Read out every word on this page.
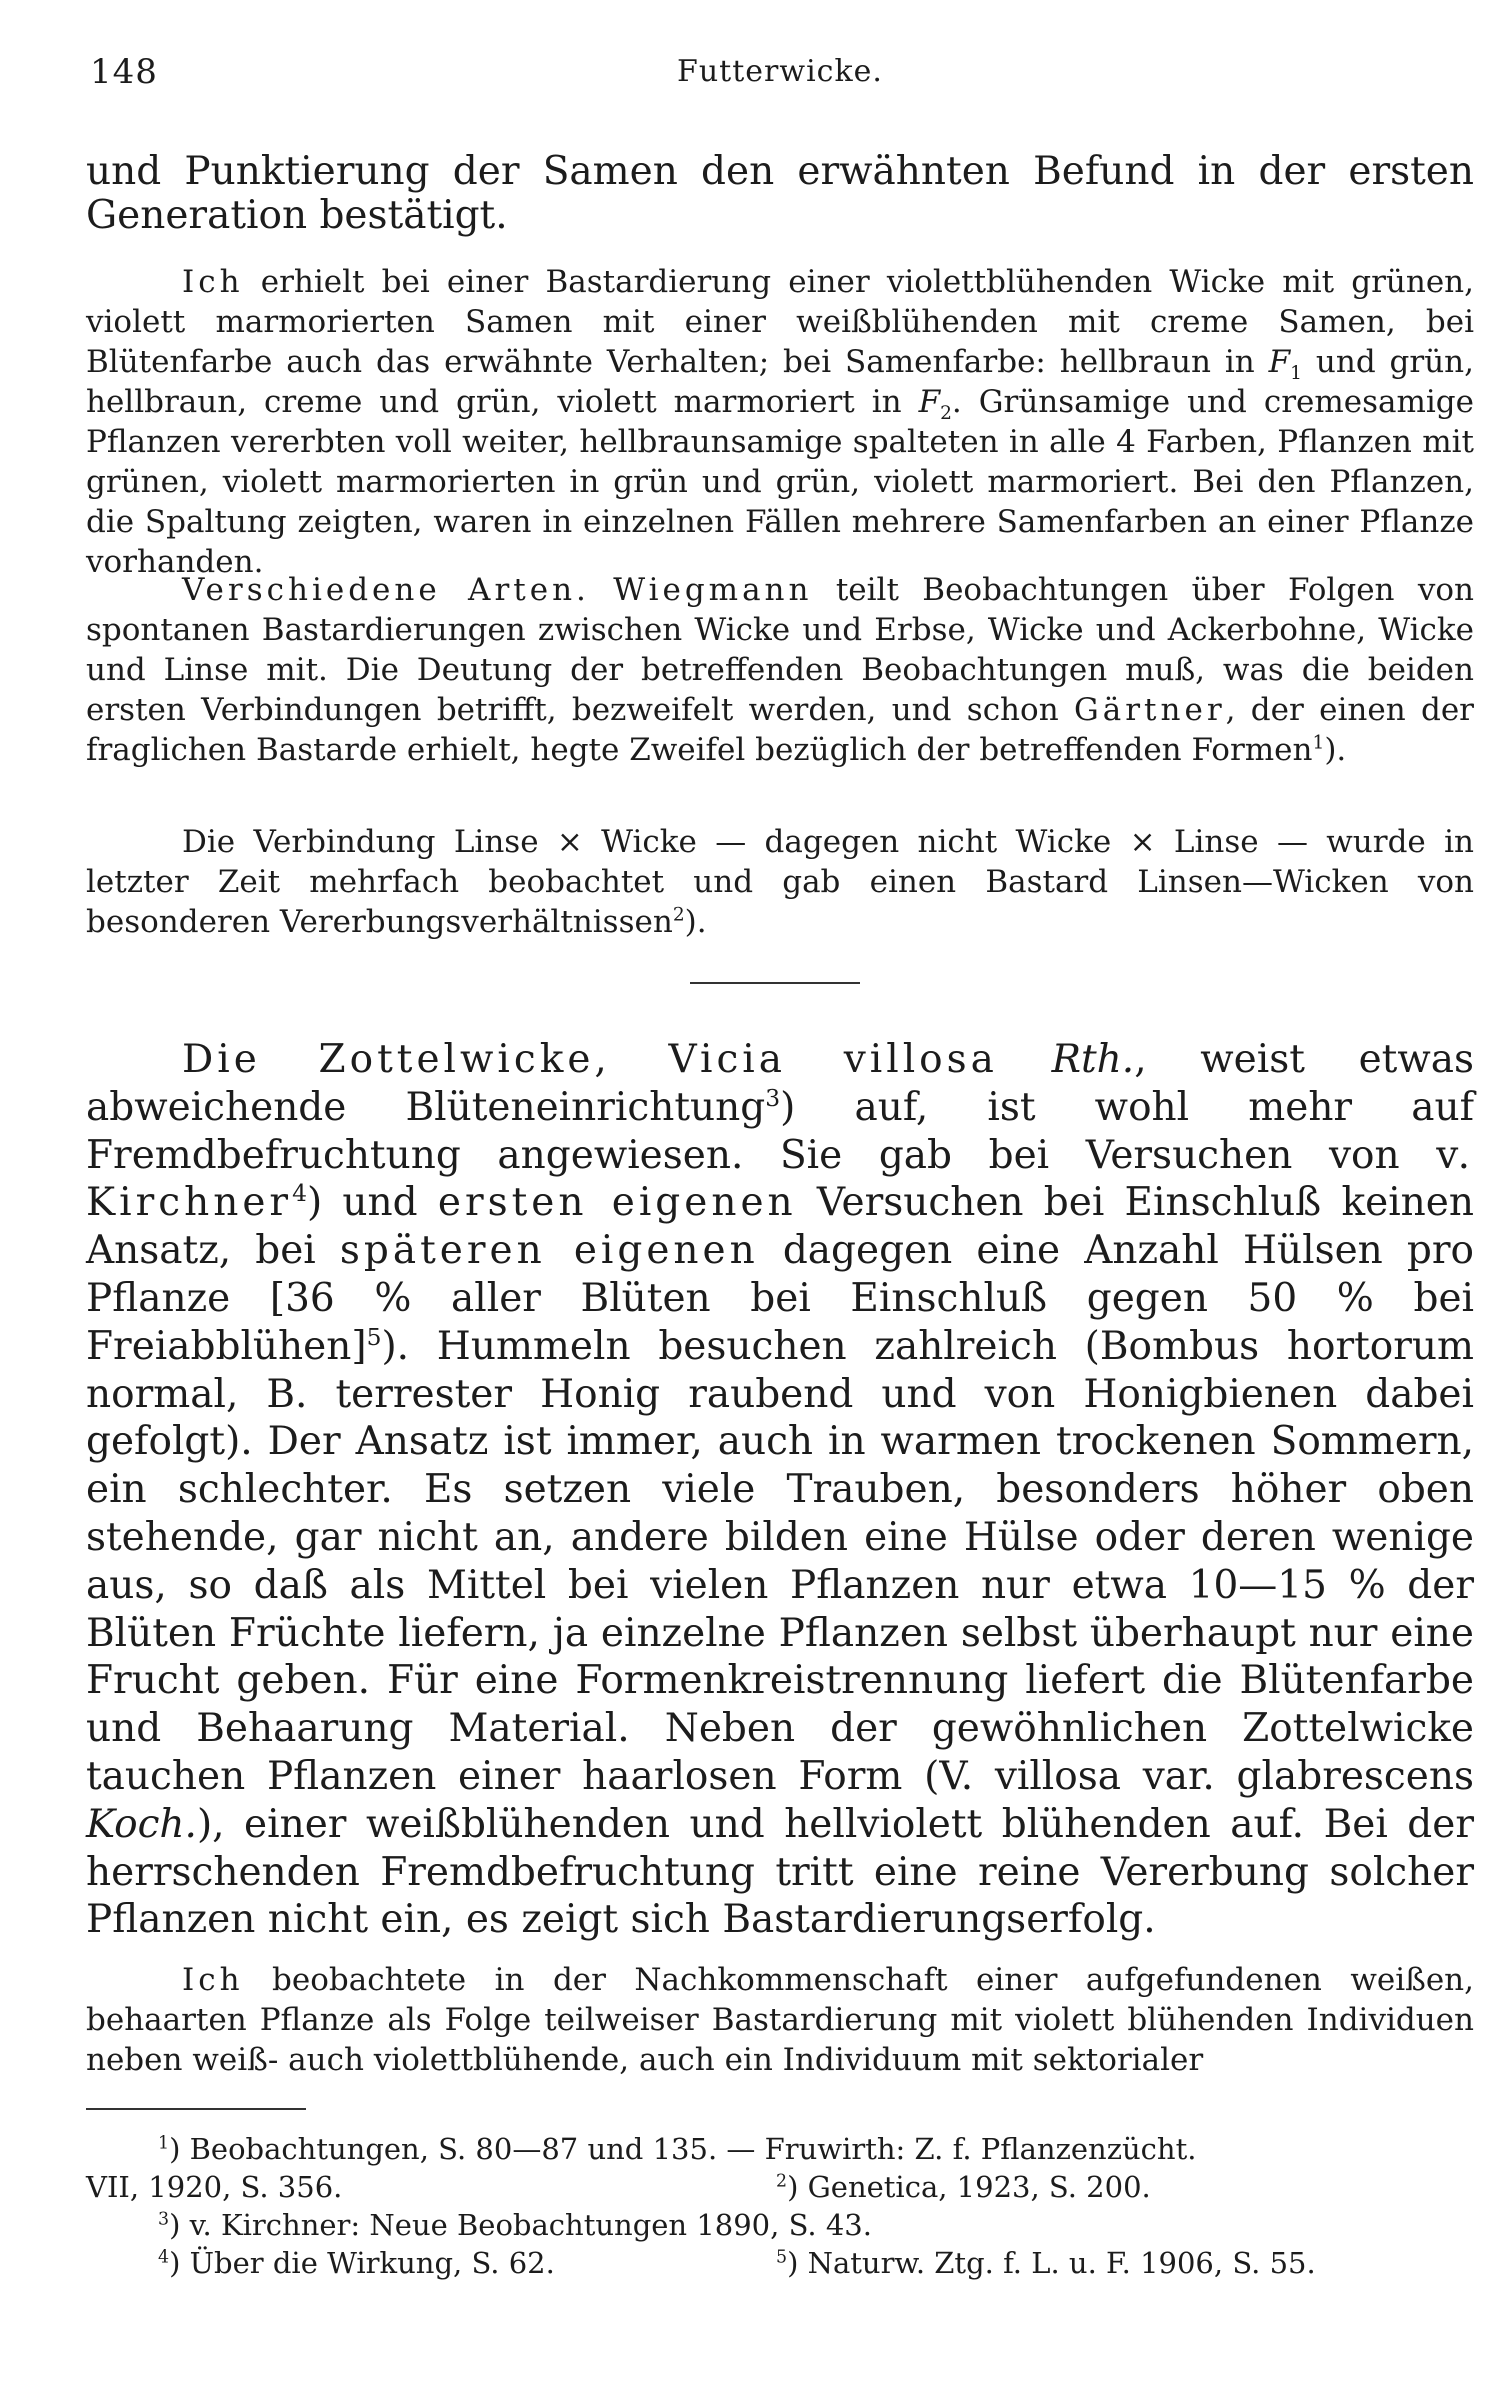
148	Futterwicke.

und Punktierung der Samen den erwähnten Befund in der ersten Generation bestätigt.

Ich erhielt bei einer Bastardierung einer violettblühenden Wicke mit grünen, violett marmorierten Samen mit einer weißblühenden mit creme Samen, bei Blütenfarbe auch das erwähnte Verhalten; bei Samenfarbe: hellbraun in $F_1$ und grün, hellbraun, creme und grün, violett marmoriert in $F_2$. Grünsamige und cremesamige Pflanzen vererbten voll weiter, hellbraunsamige spalteten in alle 4 Farben, Pflanzen mit grünen, violett marmorierten in grün und grün, violett marmoriert. Bei den Pflanzen, die Spaltung zeigten, waren in einzelnen Fällen mehrere Samenfarben an einer Pflanze vorhanden.

Verschiedene Arten. Wiegmann teilt Beobachtungen über Folgen von spontanen Bastardierungen zwischen Wicke und Erbse, Wicke und Ackerbohne, Wicke und Linse mit. Die Deutung der betreffenden Beobachtungen muß, was die beiden ersten Verbindungen betrifft, bezweifelt werden, und schon Gärtner, der einen der fraglichen Bastarde erhielt, hegte Zweifel bezüglich der betreffenden Formen$^1$).

Die Verbindung Linse × Wicke — dagegen nicht Wicke × Linse — wurde in letzter Zeit mehrfach beobachtet und gab einen Bastard Linsen—Wicken von besonderen Vererbungsverhältnissen$^2$).

Die Zottelwicke, Vicia villosa Rth., weist etwas abweichende Blüteneinrichtung$^3$) auf, ist wohl mehr auf Fremdbefruchtung angewiesen. Sie gab bei Versuchen von v. Kirchner$^4$) und ersten eigenen Versuchen bei Einschluß keinen Ansatz, bei späteren eigenen dagegen eine Anzahl Hülsen pro Pflanze [36 % aller Blüten bei Einschluß gegen 50 % bei Freiabblühen]$^5$). Hummeln besuchen zahlreich (Bombus hortorum normal, B. terrester Honig raubend und von Honigbienen dabei gefolgt). Der Ansatz ist immer, auch in warmen trockenen Sommern, ein schlechter. Es setzen viele Trauben, besonders höher oben stehende, gar nicht an, andere bilden eine Hülse oder deren wenige aus, so daß als Mittel bei vielen Pflanzen nur etwa 10—15 % der Blüten Früchte liefern, ja einzelne Pflanzen selbst überhaupt nur eine Frucht geben. Für eine Formenkreistrennung liefert die Blütenfarbe und Behaarung Material. Neben der gewöhnlichen Zottelwicke tauchen Pflanzen einer haarlosen Form (V. villosa var. glabrescens Koch.), einer weißblühenden und hellviolett blühenden auf. Bei der herrschenden Fremdbefruchtung tritt eine reine Vererbung solcher Pflanzen nicht ein, es zeigt sich Bastardierungserfolg.

Ich beobachtete in der Nachkommenschaft einer aufgefundenen weißen, behaarten Pflanze als Folge teilweiser Bastardierung mit violett blühenden Individuen neben weiß- auch violettblühende, auch ein Individuum mit sektorialer

$^1$) Beobachtungen, S. 80—87 und 135. — Fruwirth: Z. f. Pflanzenzücht.
VII, 1920, S. 356.	$^2$) Genetica, 1923, S. 200.
$^3$) v. Kirchner: Neue Beobachtungen 1890, S. 43.
$^4$) Über die Wirkung, S. 62.	$^5$) Naturw. Ztg. f. L. u. F. 1906, S. 55.
